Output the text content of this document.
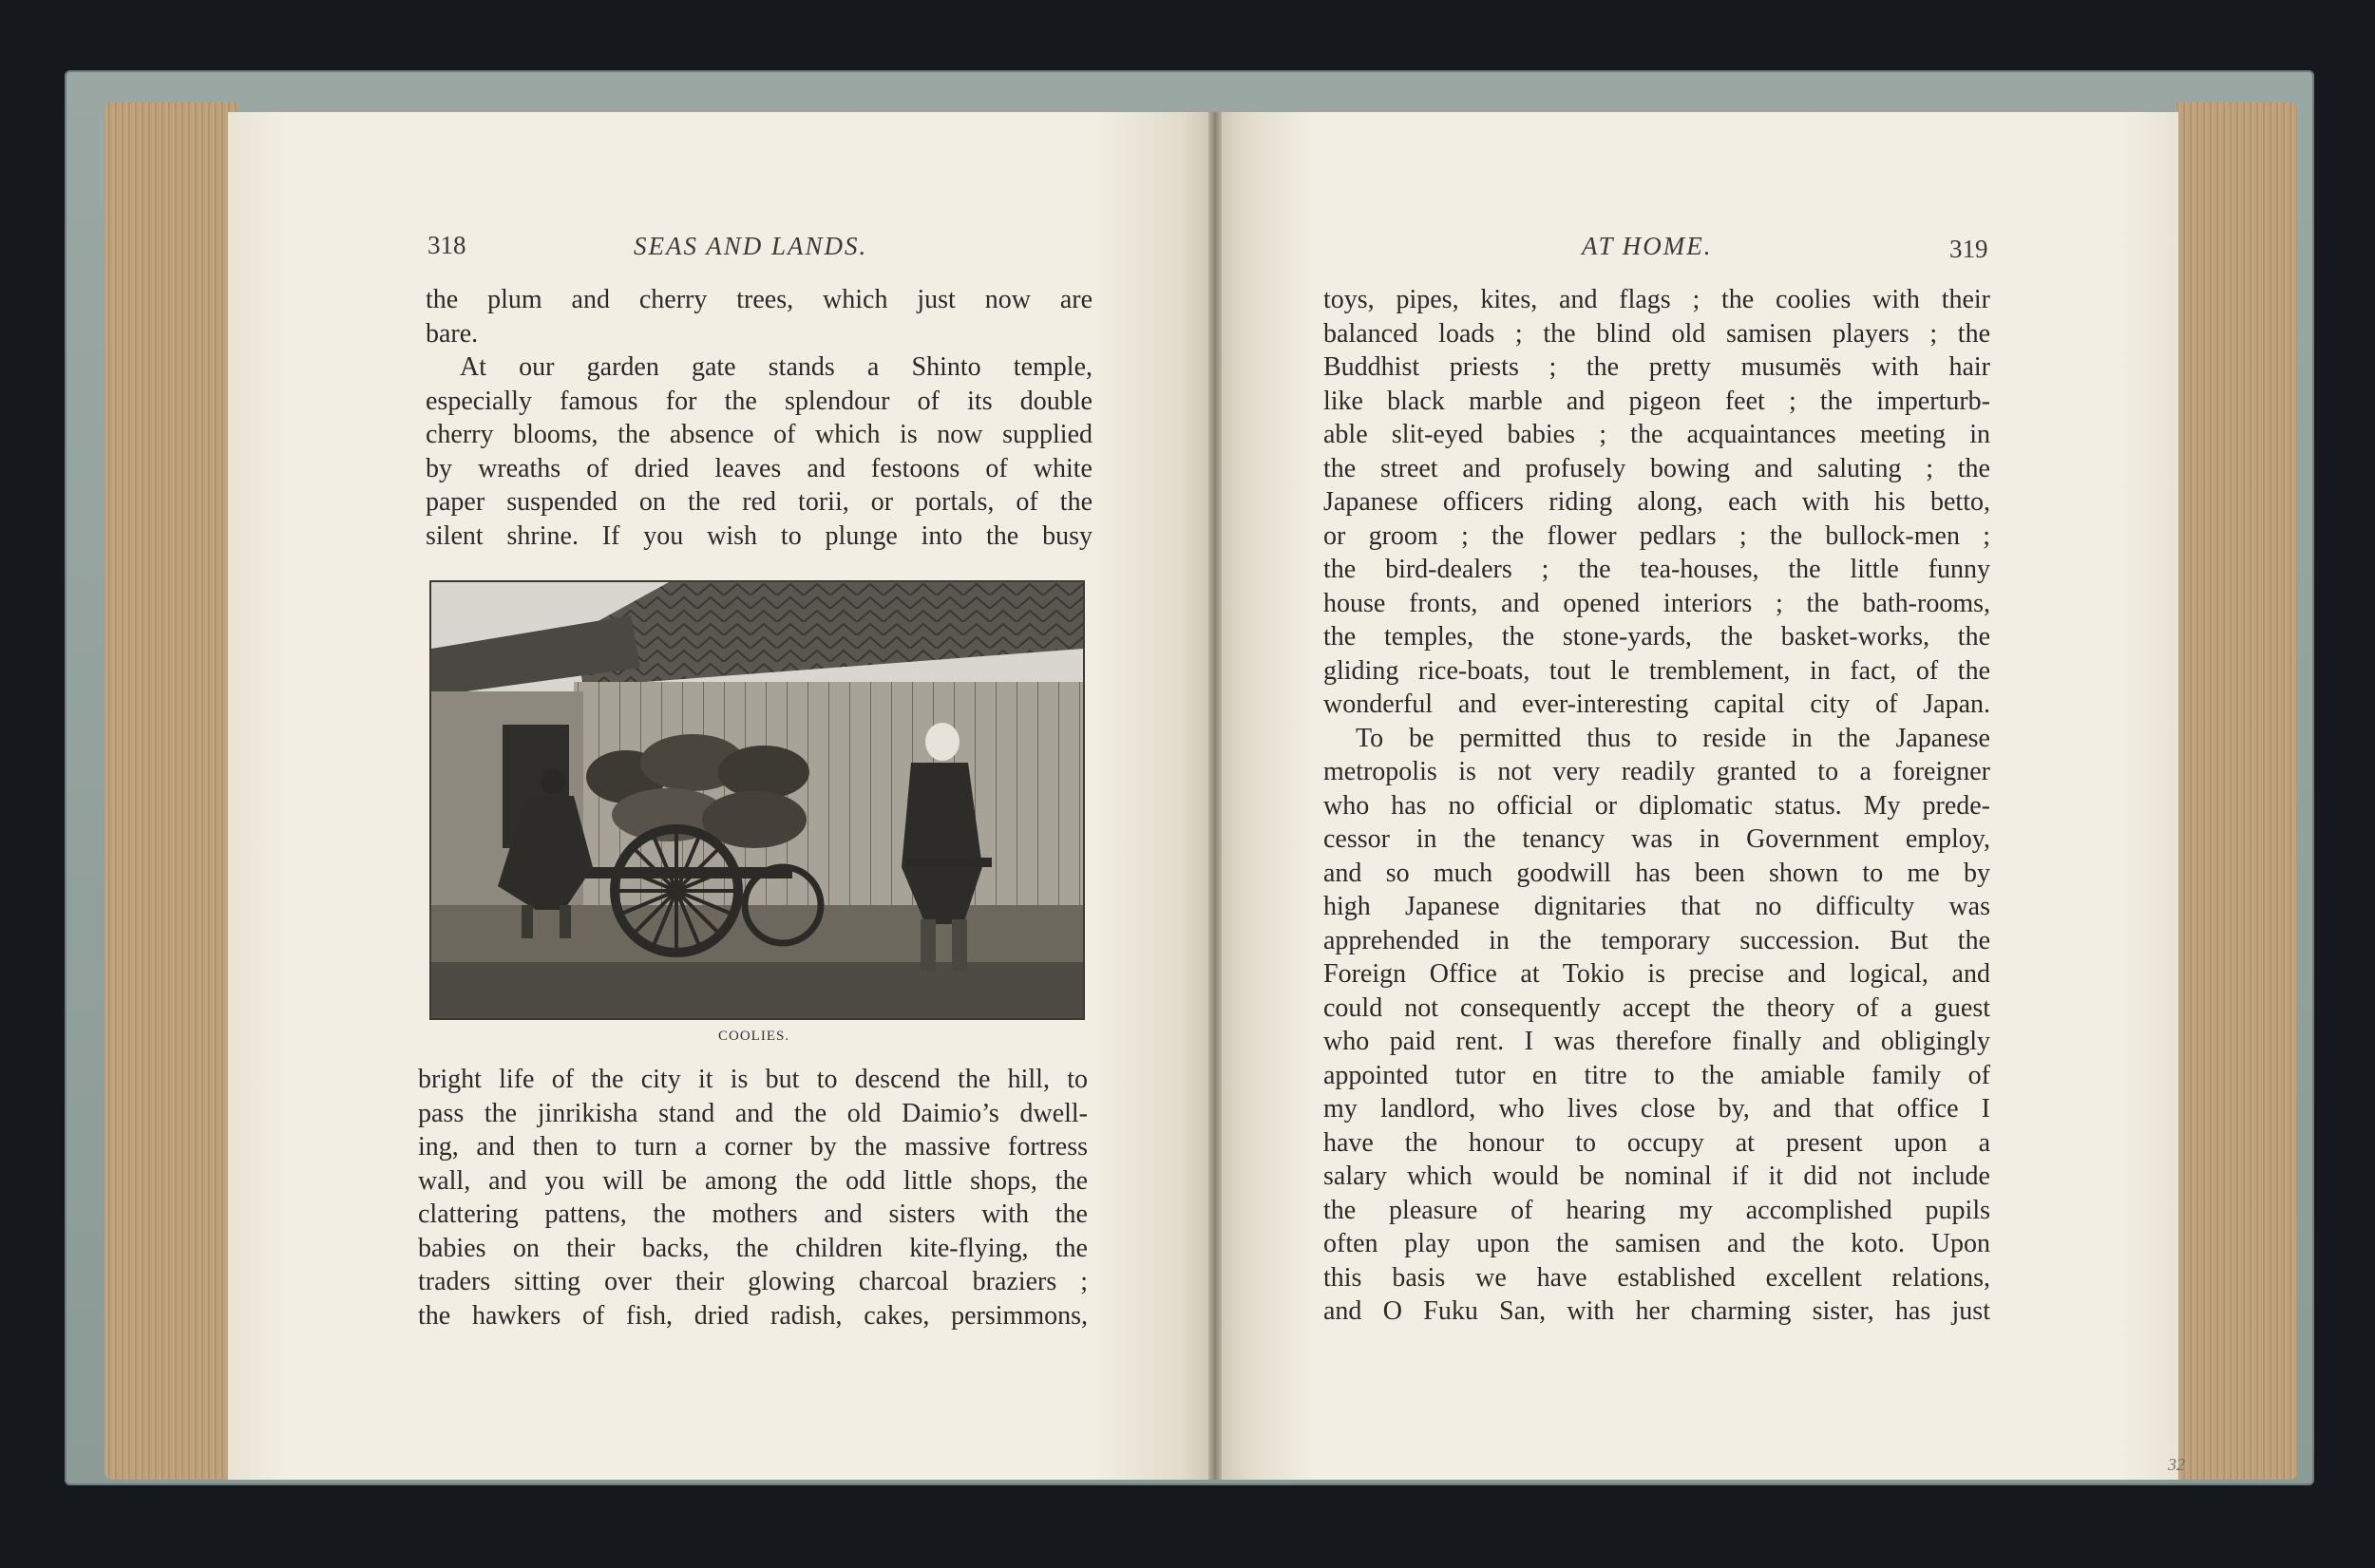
318	SEAS AND LANDS.
the plum and cherry trees, which just now are
bare.
At our garden gate stands a Shinto temple,
especially famous for the splendour of its double
cherry blooms, the absence of which is now supplied
by wreaths of dried leaves and festoons of white
paper suspended on the red torii, or portals, of the
silent shrine. If you wish to plunge into the busy
COOLIES.
bright life of the city it is but to descend the hill, to
pass the jinrikisha stand and the old Daimio’s dwell-
ing, and then to turn a corner by the massive fortress
wall, and you will be among the odd little shops, the
clattering pattens, the mothers and sisters with the
babies on their backs, the children kite-flying, the
traders sitting over their glowing charcoal braziers ;
the hawkers of fish, dried radish, cakes, persimmons,
AT HOME.	319
toys, pipes, kites, and flags ; the coolies with their
balanced loads ; the blind old samisen players ; the
Buddhist priests ; the pretty musumës with hair
like black marble and pigeon feet ; the imperturb-
able slit-eyed babies ; the acquaintances meeting in
the street and profusely bowing and saluting ; the
Japanese officers riding along, each with his betto,
or groom ; the flower pedlars ; the bullock-men ;
the bird-dealers ; the tea-houses, the little funny
house fronts, and opened interiors ; the bath-rooms,
the temples, the stone-yards, the basket-works, the
gliding rice-boats, tout le tremblement, in fact, of the
wonderful and ever-interesting capital city of Japan.
To be permitted thus to reside in the Japanese
metropolis is not very readily granted to a foreigner
who has no official or diplomatic status. My prede-
cessor in the tenancy was in Government employ,
and so much goodwill has been shown to me by
high Japanese dignitaries that no difficulty was
apprehended in the temporary succession. But the
Foreign Office at Tokio is precise and logical, and
could not consequently accept the theory of a guest
who paid rent. I was therefore finally and obligingly
appointed tutor en titre to the amiable family of
my landlord, who lives close by, and that office I
have the honour to occupy at present upon a
salary which would be nominal if it did not include
the pleasure of hearing my accomplished pupils
often play upon the samisen and the koto. Upon
this basis we have established excellent relations,
and O Fuku San, with her charming sister, has just
32
